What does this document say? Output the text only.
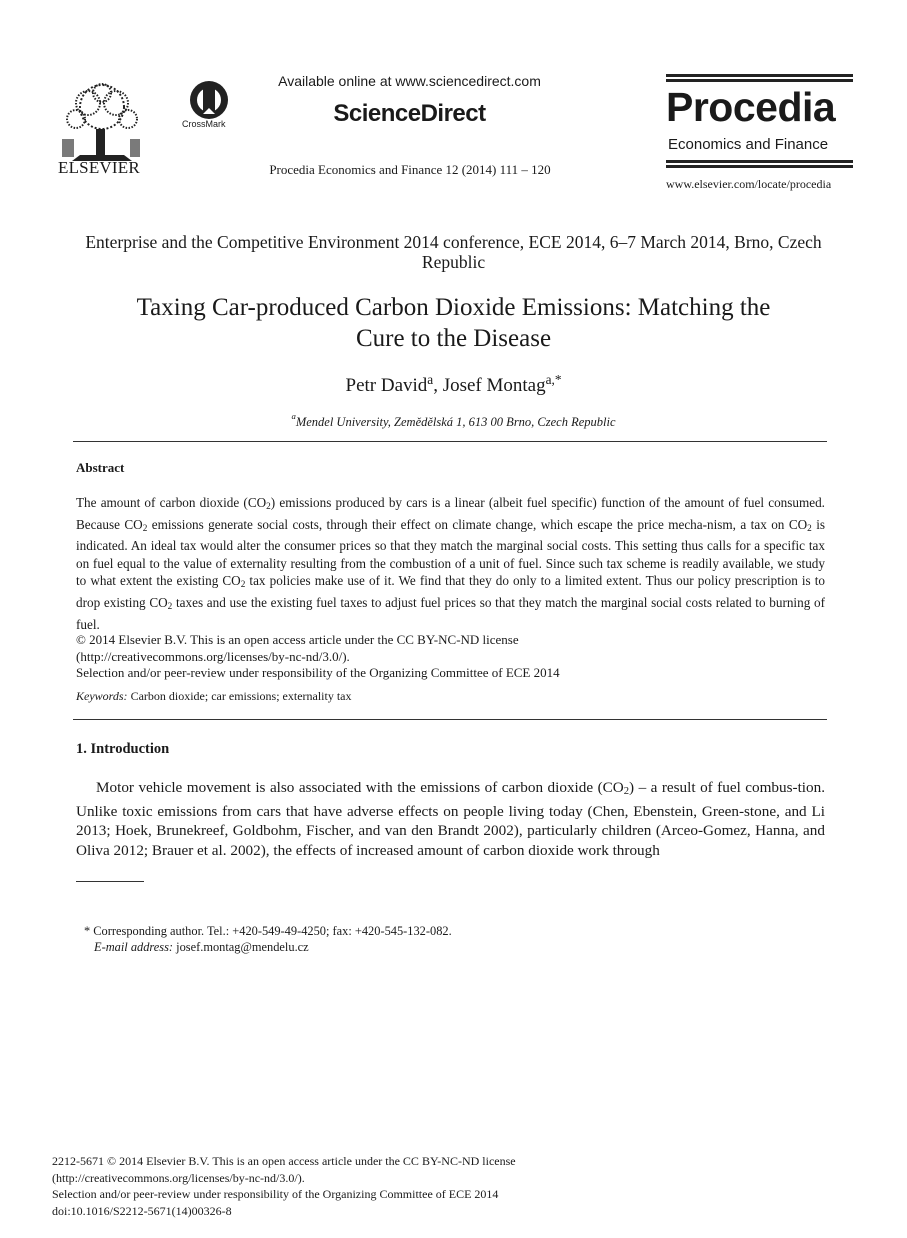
ELSEVIER
CrossMark
Available online at www.sciencedirect.com
ScienceDirect
Procedia Economics and Finance 12 (2014) 111 – 120
Procedia
Economics and Finance
www.elsevier.com/locate/procedia
Enterprise and the Competitive Environment 2014 conference, ECE 2014, 6–7 March 2014, Brno, Czech Republic
Taxing Car-produced Carbon Dioxide Emissions: Matching the
Cure to the Disease
Petr David$^a$, Josef Montag$^{a,*}$
$^a$Mendel University, Zemědělská 1, 613 00 Brno, Czech Republic
Abstract

The amount of carbon dioxide $(CO_2)$ emissions produced by cars is a linear (albeit fuel specific) function of the amount of fuel consumed. Because $CO_2$ emissions generate social costs, through their effect on climate change, which escape the price mecha-nism, a tax on $CO_2$ is indicated. An ideal tax would alter the consumer prices so that they match the marginal social costs. This setting thus calls for a specific tax on fuel equal to the value of externality resulting from the combustion of a unit of fuel. Since such tax scheme is readily available, we study to what extent the existing $CO_2$ tax policies make use of it. We find that they do only to a limited extent. Thus our policy prescription is to drop existing $CO_2$ taxes and use the existing fuel taxes to adjust fuel prices so that they match the marginal social costs related to burning of fuel.

© 2014 Elsevier B.V. This is an open access article under the CC BY-NC-ND license
(http://creativecommons.org/licenses/by-nc-nd/3.0/).
Selection and/or peer-review under responsibility of the Organizing Committee of ECE 2014
Keywords: Carbon dioxide; car emissions; externality tax
1. Introduction
Motor vehicle movement is also associated with the emissions of carbon dioxide $(CO_2)$ – a result of fuel combus-tion. Unlike toxic emissions from cars that have adverse effects on people living today (Chen, Ebenstein, Green-stone, and Li 2013; Hoek, Brunekreef, Goldbohm, Fischer, and van den Brandt 2002), particularly children (Arceo-Gomez, Hanna, and Oliva 2012; Brauer et al. 2002), the effects of increased amount of carbon dioxide work through
* Corresponding author. Tel.: +420-549-49-4250; fax: +420-545-132-082.
E-mail address: josef.montag@mendelu.cz
2212-5671 © 2014 Elsevier B.V. This is an open access article under the CC BY-NC-ND license
(http://creativecommons.org/licenses/by-nc-nd/3.0/).
Selection and/or peer-review under responsibility of the Organizing Committee of ECE 2014
doi:10.1016/S2212-5671(14)00326-8
